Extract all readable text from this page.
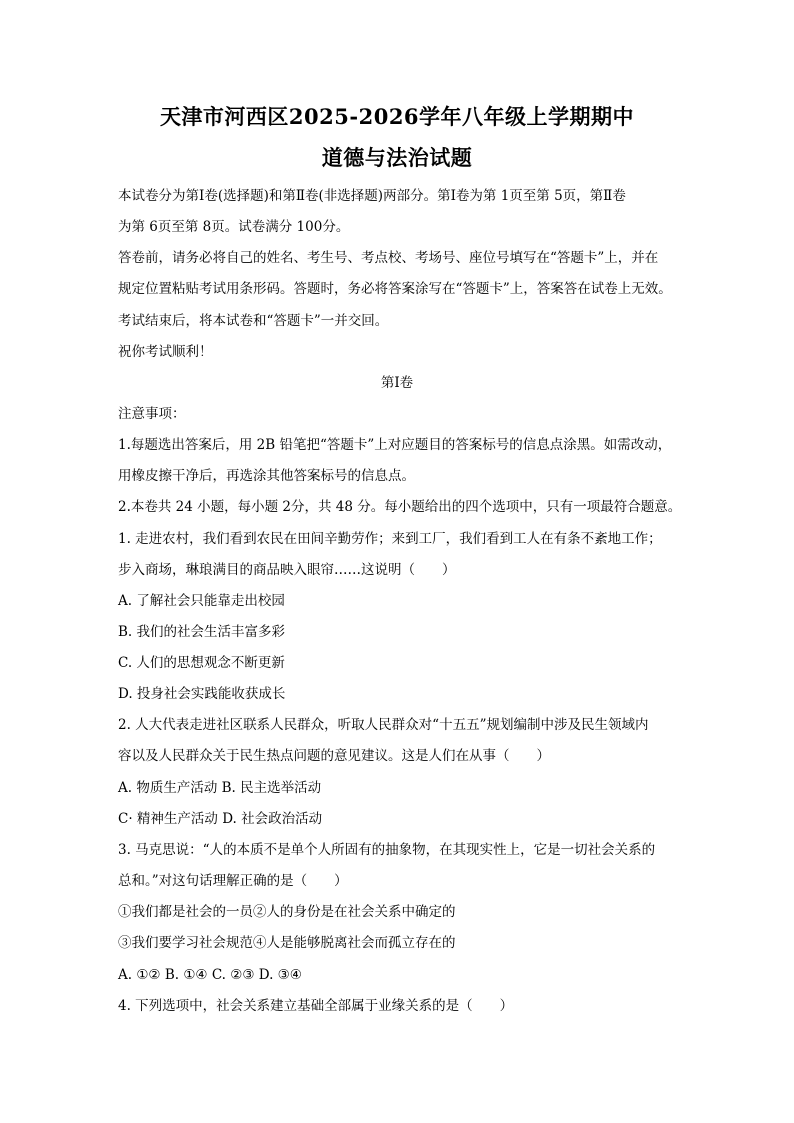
天津市河西区2025-2026学年八年级上学期期中
道德与法治试题
本试卷分为第Ⅰ卷(选择题)和第Ⅱ卷(非选择题)两部分。第Ⅰ卷为第 1页至第 5页，第Ⅱ卷
为第 6页至第 8页。试卷满分 100分。
答卷前，请务必将自己的姓名、考生号、考点校、考场号、座位号填写在“答题卡”上，并在
规定位置粘贴考试用条形码。答题时，务必将答案涂写在“答题卡”上，答案答在试卷上无效。
考试结束后，将本试卷和“答题卡”一并交回。
祝你考试顺利！
第Ⅰ卷
注意事项：
1.每题选出答案后，用 2B 铅笔把“答题卡”上对应题目的答案标号的信息点涂黑。如需改动，
用橡皮擦干净后，再选涂其他答案标号的信息点。
2.本卷共 24 小题，每小题 2分，共 48 分。每小题给出的四个选项中，只有一项最符合题意。
1. 走进农村，我们看到农民在田间辛勤劳作；来到工厂，我们看到工人在有条不紊地工作；
步入商场，琳琅满目的商品映入眼帘……这说明（　　）
A. 了解社会只能靠走出校园
B. 我们的社会生活丰富多彩
C. 人们的思想观念不断更新
D. 投身社会实践能收获成长
2. 人大代表走进社区联系人民群众，听取人民群众对“十五五”规划编制中涉及民生领域内
容以及人民群众关于民生热点问题的意见建议。这是人们在从事（　　）
A. 物质生产活动 B. 民主选举活动
C· 精神生产活动 D. 社会政治活动
3. 马克思说：“人的本质不是单个人所固有的抽象物，在其现实性上，它是一切社会关系的
总和。”对这句话理解正确的是（　　）
①我们都是社会的一员②人的身份是在社会关系中确定的
③我们要学习社会规范④人是能够脱离社会而孤立存在的
A. ①② B. ①④ C. ②③ D. ③④
4. 下列选项中，社会关系建立基础全部属于业缘关系的是（　　）
